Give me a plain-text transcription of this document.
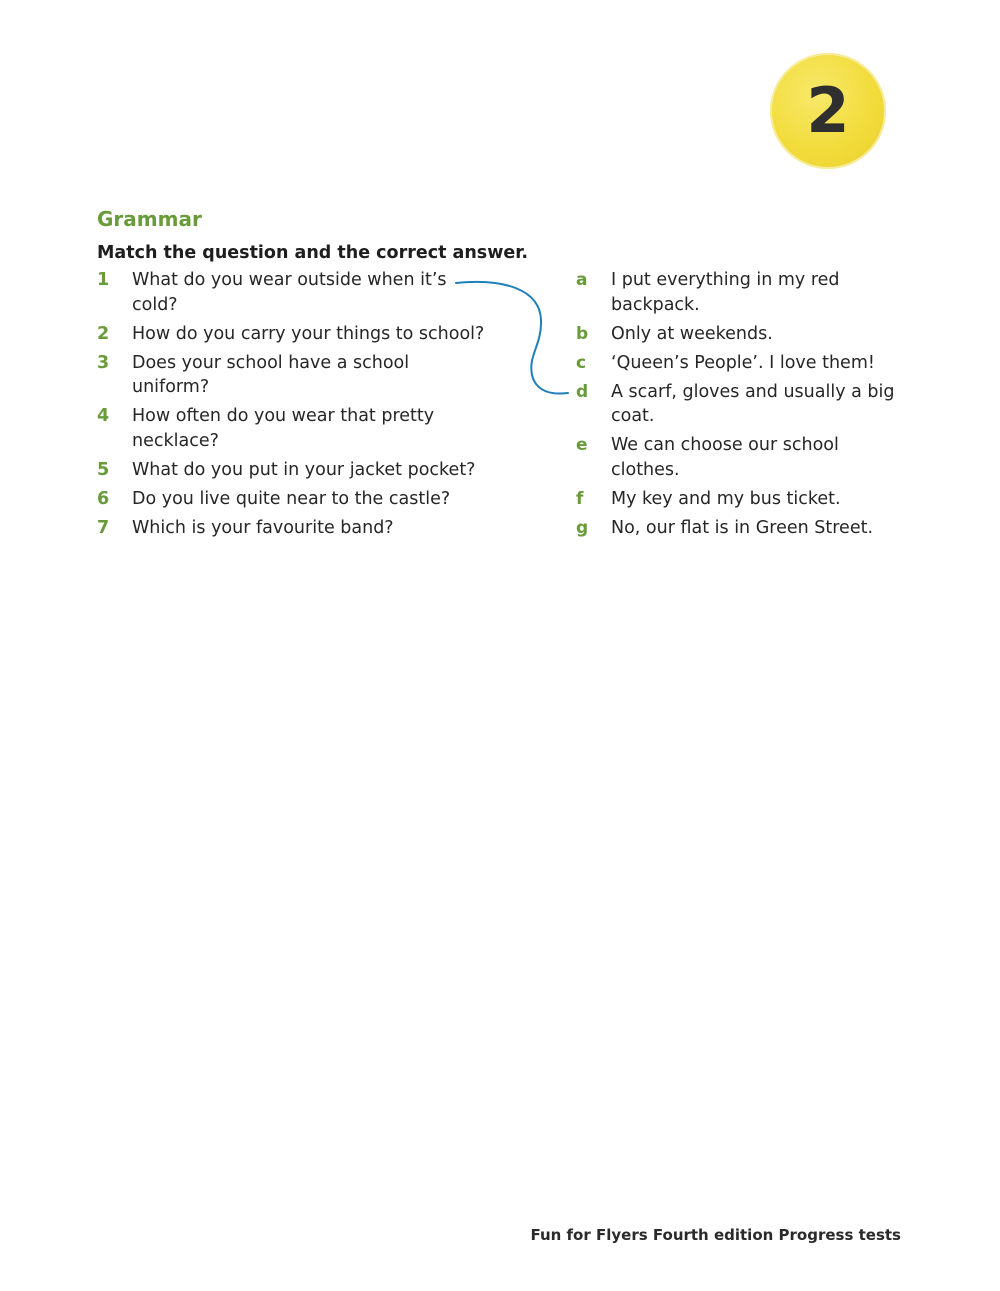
2
Grammar

Match the question and the correct answer.

1 What do you wear outside when it’s cold?
2 How do you carry your things to school?
3 Does your school have a school uniform?
4 How often do you wear that pretty necklace?
5 What do you put in your jacket pocket?
6 Do you live quite near to the castle?
7 Which is your favourite band?
a I put everything in my red backpack.
b Only at weekends.
c ‘Queen’s People’. I love them!
d A scarf, gloves and usually a big coat.
e We can choose our school clothes.
f My key and my bus ticket.
g No, our flat is in Green Street.

Fun for Flyers Fourth edition Progress tests
